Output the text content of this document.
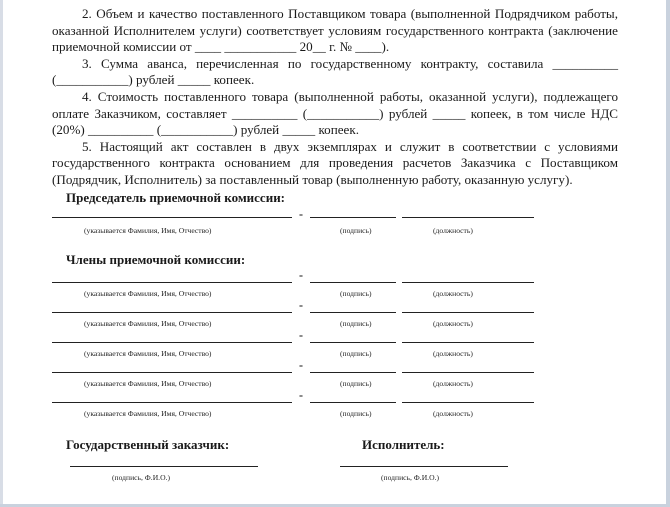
2. Объем и качество поставленного Поставщиком товара (выполненной Подрядчиком работы, оказанной Исполнителем услуги) соответствует условиям государственного контракта (заключение приемочной комиссии от ____ ___________ 20__ г. № ____).

3. Сумма аванса, перечисленная по государственному контракту, составила __________ (___________) рублей _____ копеек.

4. Стоимость поставленного товара (выполненной работы, оказанной услуги), подлежащего оплате Заказчиком, составляет __________ (___________) рублей _____ копеек, в том числе НДС (20%) __________ (___________) рублей _____ копеек.

5. Настоящий акт составлен в двух экземплярах и служит в соответствии с условиями государственного контракта основанием для проведения расчетов Заказчика с Поставщиком (Подрядчик, Исполнитель) за поставленный товар (выполненную работу, оказанную услугу).

Председатель приемочной комиссии:
-
(указывается Фамилия, Имя, Отчество)	(подпись)	(должность)
Члены приемочной комиссии:
-
(указывается Фамилия, Имя, Отчество)	(подпись)	(должность)
-
(указывается Фамилия, Имя, Отчество)	(подпись)	(должность)
-
(указывается Фамилия, Имя, Отчество)	(подпись)	(должность)
-
(указывается Фамилия, Имя, Отчество)	(подпись)	(должность)
-
(указывается Фамилия, Имя, Отчество)	(подпись)	(должность)
Государственный заказчик:
(подпись, Ф.И.О.)
Исполнитель:
(подпись, Ф.И.О.)
